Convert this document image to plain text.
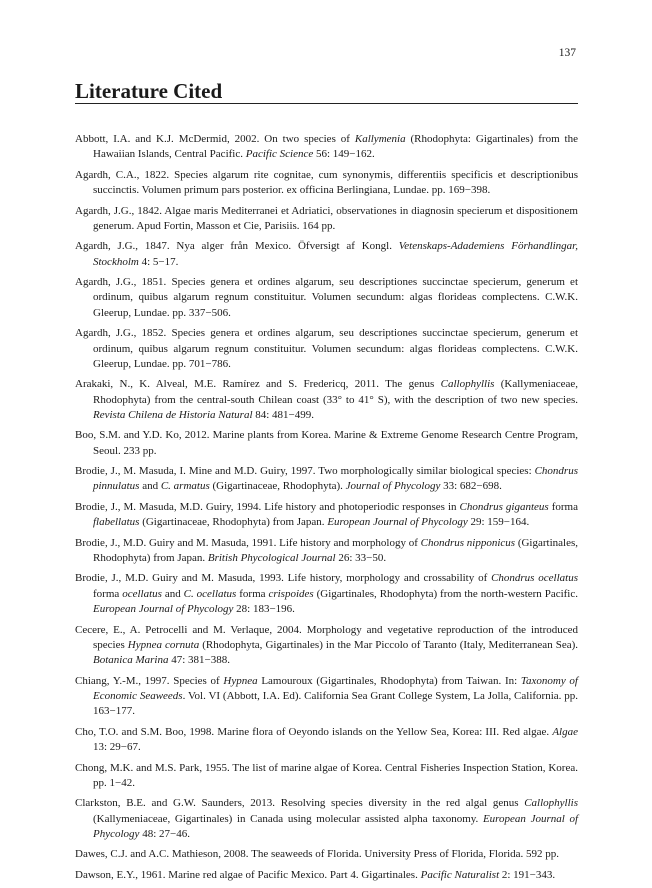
137
Literature Cited
Abbott, I.A. and K.J. McDermid, 2002. On two species of Kallymenia (Rhodophyta: Gigartinales) from the Hawaiian Islands, Central Pacific. Pacific Science 56: 149−162.
Agardh, C.A., 1822. Species algarum rite cognitae, cum synonymis, differentiis specificis et descriptionibus succinctis. Volumen primum pars posterior. ex officina Berlingiana, Lundae. pp. 169−398.
Agardh, J.G., 1842. Algae maris Mediterranei et Adriatici, observationes in diagnosin specierum et dispositionem generum. Apud Fortin, Masson et Cie, Parisiis. 164 pp.
Agardh, J.G., 1847. Nya alger från Mexico. Öfversigt af Kongl. Vetenskaps-Adademiens Förhandlingar, Stockholm 4: 5−17.
Agardh, J.G., 1851. Species genera et ordines algarum, seu descriptiones succinctae specierum, generum et ordinum, quibus algarum regnum constituitur. Volumen secundum: algas florideas complectens. C.W.K. Gleerup, Lundae. pp. 337−506.
Agardh, J.G., 1852. Species genera et ordines algarum, seu descriptiones succinctae specierum, generum et ordinum, quibus algarum regnum constituitur. Volumen secundum: algas florideas complectens. C.W.K. Gleerup, Lundae. pp. 701−786.
Arakaki, N., K. Alveal, M.E. Ramírez and S. Fredericq, 2011. The genus Callophyllis (Kallymeniaceae, Rhodophyta) from the central-south Chilean coast (33° to 41° S), with the description of two new species. Revista Chilena de Historia Natural 84: 481−499.
Boo, S.M. and Y.D. Ko, 2012. Marine plants from Korea. Marine & Extreme Genome Research Centre Program, Seoul. 233 pp.
Brodie, J., M. Masuda, I. Mine and M.D. Guiry, 1997. Two morphologically similar biological species: Chondrus pinnulatus and C. armatus (Gigartinaceae, Rhodophyta). Journal of Phycology 33: 682−698.
Brodie, J., M. Masuda, M.D. Guiry, 1994. Life history and photoperiodic responses in Chondrus giganteus forma flabellatus (Gigartinaceae, Rhodophyta) from Japan. European Journal of Phycology 29: 159−164.
Brodie, J., M.D. Guiry and M. Masuda, 1991. Life history and morphology of Chondrus nipponicus (Gigartinales, Rhodophyta) from Japan. British Phycological Journal 26: 33−50.
Brodie, J., M.D. Guiry and M. Masuda, 1993. Life history, morphology and crossability of Chondrus ocellatus forma ocellatus and C. ocellatus forma crispoides (Gigartinales, Rhodophyta) from the north-western Pacific. European Journal of Phycology 28: 183−196.
Cecere, E., A. Petrocelli and M. Verlaque, 2004. Morphology and vegetative reproduction of the introduced species Hypnea cornuta (Rhodophyta, Gigartinales) in the Mar Piccolo of Taranto (Italy, Mediterranean Sea). Botanica Marina 47: 381−388.
Chiang, Y.-M., 1997. Species of Hypnea Lamouroux (Gigartinales, Rhodophyta) from Taiwan. In: Taxonomy of Economic Seaweeds. Vol. VI (Abbott, I.A. Ed). California Sea Grant College System, La Jolla, California. pp. 163−177.
Cho, T.O. and S.M. Boo, 1998. Marine flora of Oeyondo islands on the Yellow Sea, Korea: III. Red algae. Algae 13: 29−67.
Chong, M.K. and M.S. Park, 1955. The list of marine algae of Korea. Central Fisheries Inspection Station, Korea. pp. 1−42.
Clarkston, B.E. and G.W. Saunders, 2013. Resolving species diversity in the red algal genus Callophyllis (Kallymeniaceae, Gigartinales) in Canada using molecular assisted alpha taxonomy. European Journal of Phycology 48: 27−46.
Dawes, C.J. and A.C. Mathieson, 2008. The seaweeds of Florida. University Press of Florida, Florida. 592 pp.
Dawson, E.Y., 1961. Marine red algae of Pacific Mexico. Part 4. Gigartinales. Pacific Naturalist 2: 191−343.
